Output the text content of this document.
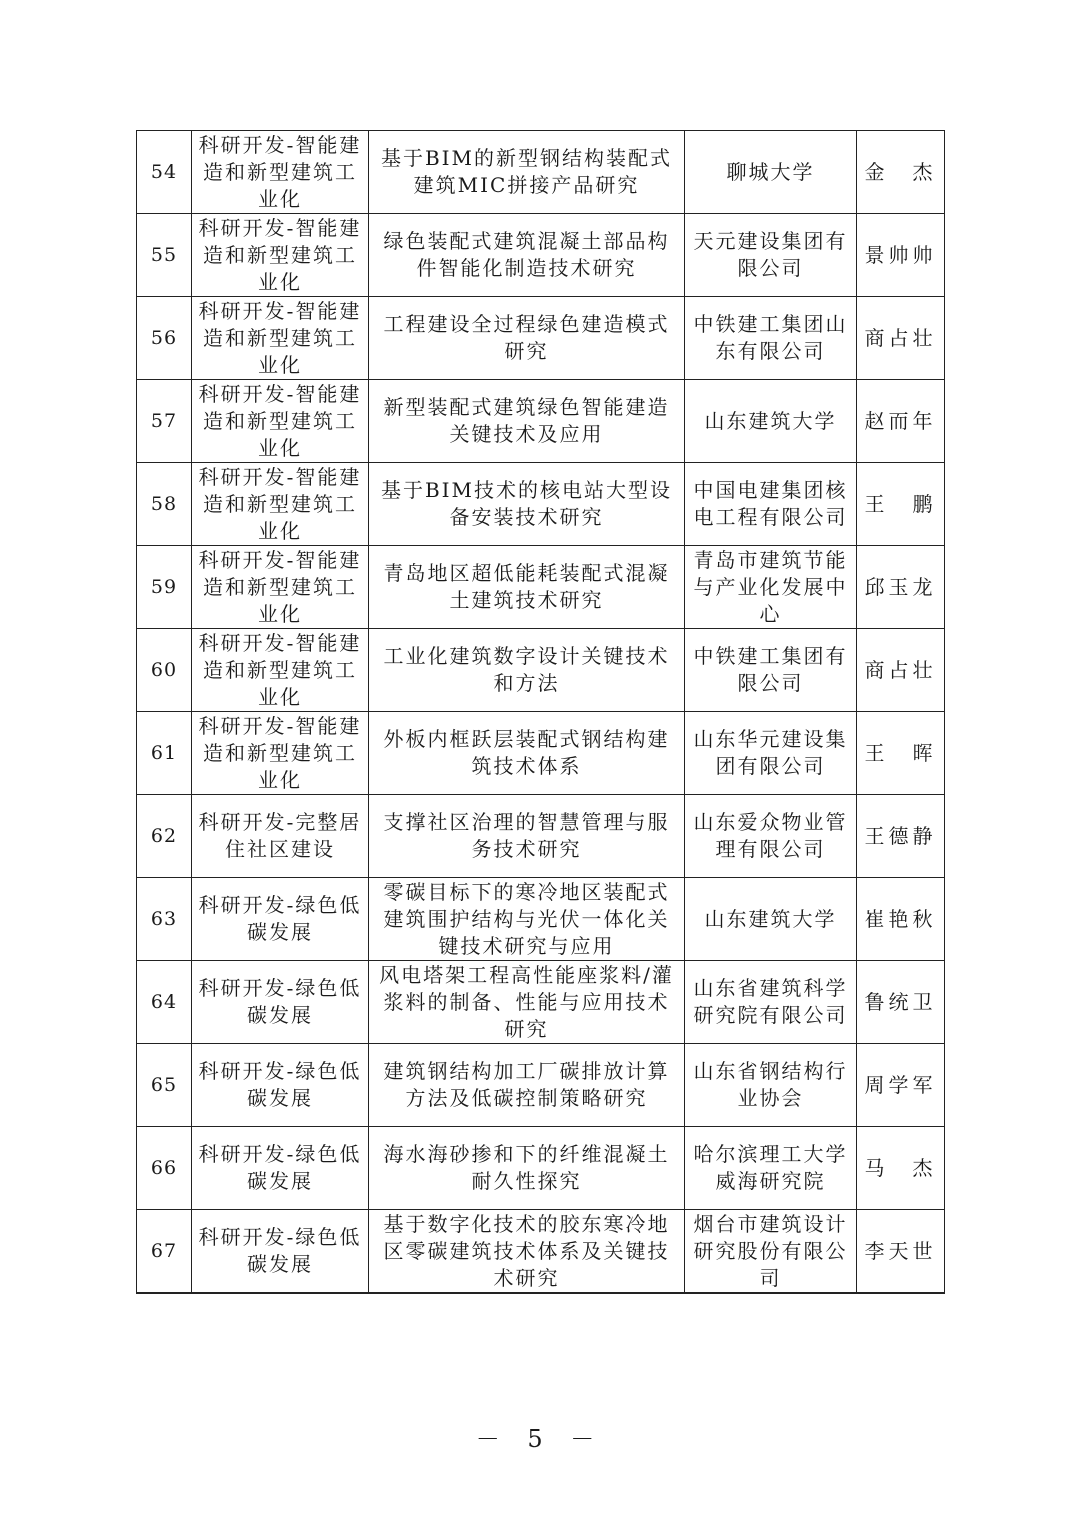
54	科研开发-智能建造和新型建筑工业化	基于BIM的新型钢结构装配式建筑MIC拼接产品研究	聊城大学	金　杰
55	科研开发-智能建造和新型建筑工业化	绿色装配式建筑混凝土部品构件智能化制造技术研究	天元建设集团有限公司	景帅帅
56	科研开发-智能建造和新型建筑工业化	工程建设全过程绿色建造模式研究	中铁建工集团山东有限公司	商占壮
57	科研开发-智能建造和新型建筑工业化	新型装配式建筑绿色智能建造关键技术及应用	山东建筑大学	赵而年
58	科研开发-智能建造和新型建筑工业化	基于BIM技术的核电站大型设备安装技术研究	中国电建集团核电工程有限公司	王　鹏
59	科研开发-智能建造和新型建筑工业化	青岛地区超低能耗装配式混凝土建筑技术研究	青岛市建筑节能与产业化发展中心	邱玉龙
60	科研开发-智能建造和新型建筑工业化	工业化建筑数字设计关键技术和方法	中铁建工集团有限公司	商占壮
61	科研开发-智能建造和新型建筑工业化	外板内框跃层装配式钢结构建筑技术体系	山东华元建设集团有限公司	王　晖
62	科研开发-完整居住社区建设	支撑社区治理的智慧管理与服务技术研究	山东爱众物业管理有限公司	王德静
63	科研开发-绿色低碳发展	零碳目标下的寒冷地区装配式建筑围护结构与光伏一体化关键技术研究与应用	山东建筑大学	崔艳秋
64	科研开发-绿色低碳发展	风电塔架工程高性能座浆料/灌浆料的制备、性能与应用技术研究	山东省建筑科学研究院有限公司	鲁统卫
65	科研开发-绿色低碳发展	建筑钢结构加工厂碳排放计算方法及低碳控制策略研究	山东省钢结构行业协会	周学军
66	科研开发-绿色低碳发展	海水海砂掺和下的纤维混凝土耐久性探究	哈尔滨理工大学威海研究院	马　杰
67	科研开发-绿色低碳发展	基于数字化技术的胶东寒冷地区零碳建筑技术体系及关键技术研究	烟台市建筑设计研究股份有限公司	李天世
－ 5 －
